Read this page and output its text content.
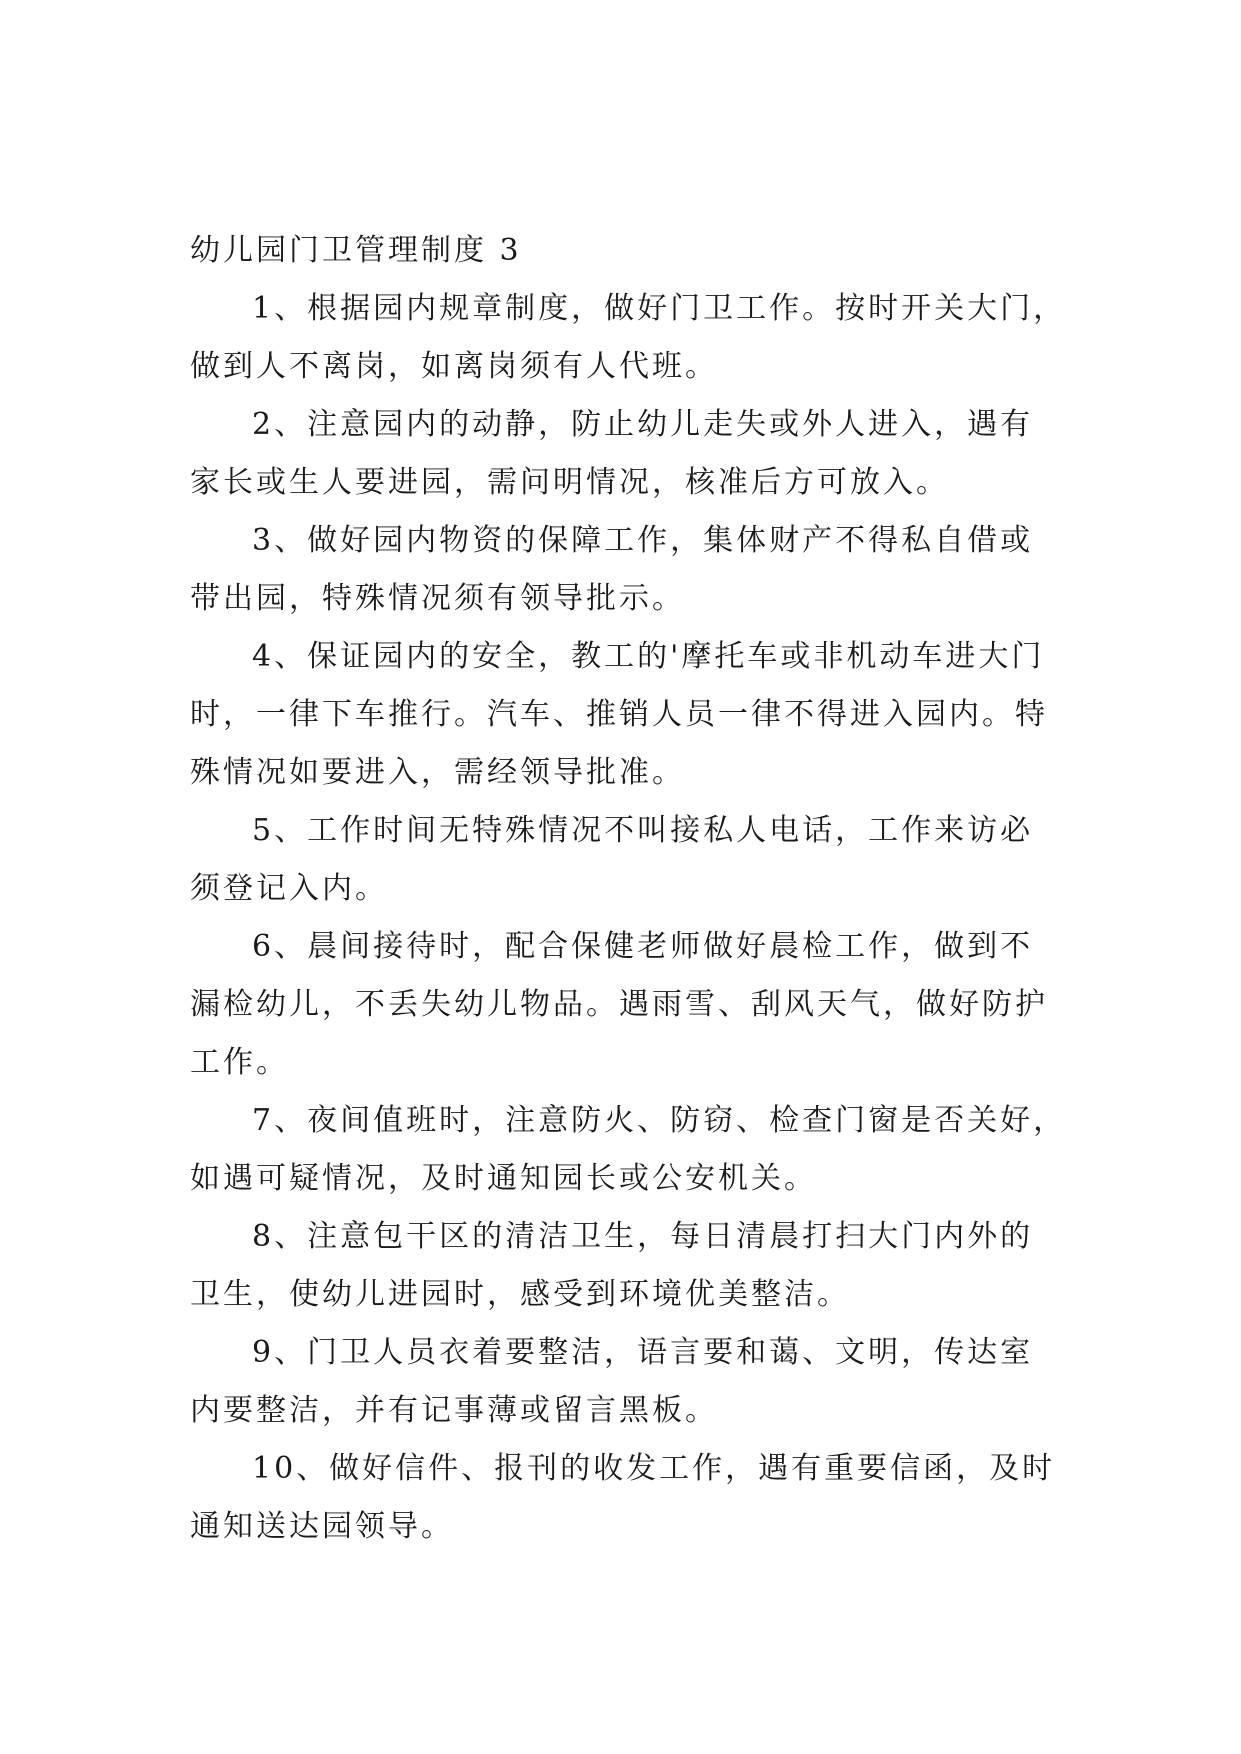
幼儿园门卫管理制度 3

1、根据园内规章制度，做好门卫工作。按时开关大门，
做到人不离岗，如离岗须有人代班。

2、注意园内的动静，防止幼儿走失或外人进入，遇有
家长或生人要进园，需问明情况，核准后方可放入。

3、做好园内物资的保障工作，集体财产不得私自借或
带出园，特殊情况须有领导批示。

4、保证园内的安全，教工的'摩托车或非机动车进大门
时，一律下车推行。汽车、推销人员一律不得进入园内。特
殊情况如要进入，需经领导批准。

5、工作时间无特殊情况不叫接私人电话，工作来访必
须登记入内。

6、晨间接待时，配合保健老师做好晨检工作，做到不
漏检幼儿，不丢失幼儿物品。遇雨雪、刮风天气，做好防护
工作。

7、夜间值班时，注意防火、防窃、检查门窗是否关好，
如遇可疑情况，及时通知园长或公安机关。

8、注意包干区的清洁卫生，每日清晨打扫大门内外的
卫生，使幼儿进园时，感受到环境优美整洁。

9、门卫人员衣着要整洁，语言要和蔼、文明，传达室
内要整洁，并有记事薄或留言黑板。

10、做好信件、报刊的收发工作，遇有重要信函，及时
通知送达园领导。
